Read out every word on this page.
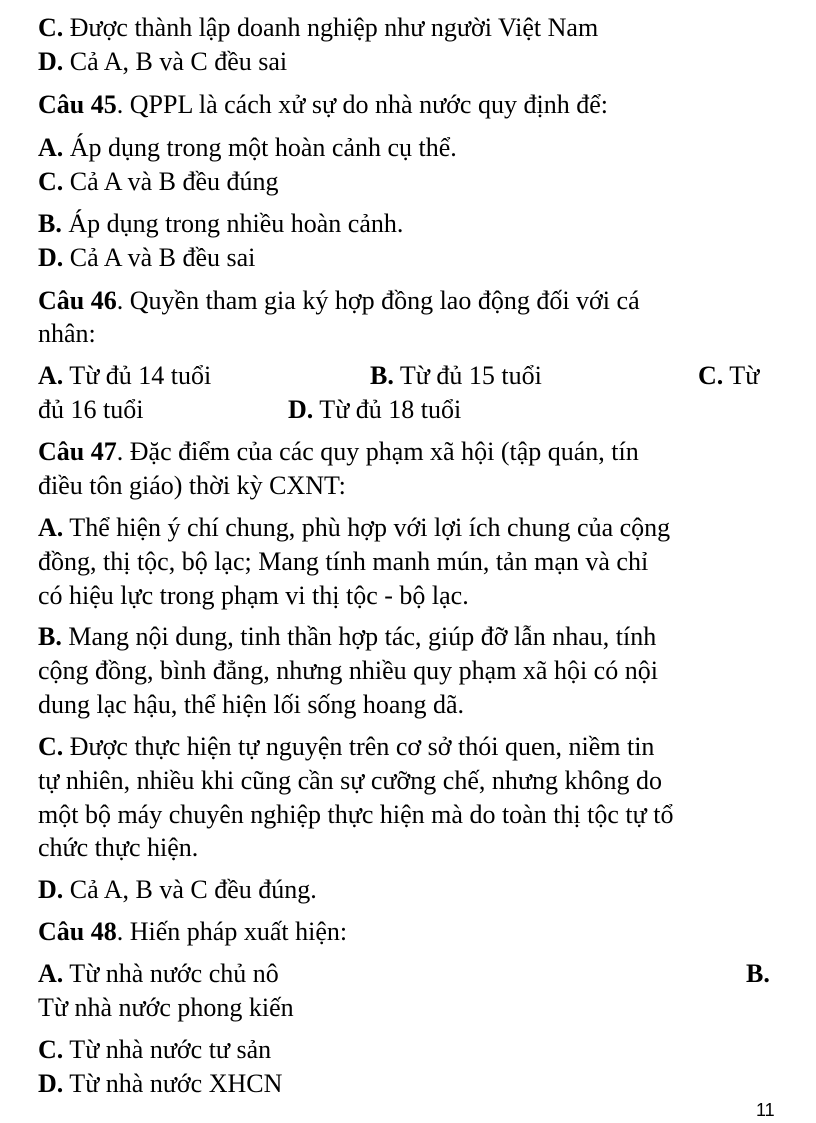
C. Được thành lập doanh nghiệp như người Việt Nam
D. Cả A, B và C đều sai
Câu 45. QPPL là cách xử sự do nhà nước quy định để:
A. Áp dụng trong một hoàn cảnh cụ thể.
C. Cả A và B đều đúng
B. Áp dụng trong nhiều hoàn cảnh.
D. Cả A và B đều sai
Câu 46. Quyền tham gia ký hợp đồng lao động đối với cá
nhân:
A. Từ đủ 14 tuổi	B. Từ đủ 15 tuổi	C. Từ
đủ 16 tuổi	D. Từ đủ 18 tuổi
Câu 47. Đặc điểm của các quy phạm xã hội (tập quán, tín
điều tôn giáo) thời kỳ CXNT:
A. Thể hiện ý chí chung, phù hợp với lợi ích chung của cộng
đồng, thị tộc, bộ lạc; Mang tính manh mún, tản mạn và chỉ
có hiệu lực trong phạm vi thị tộc - bộ lạc.
B. Mang nội dung, tinh thần hợp tác, giúp đỡ lẫn nhau, tính
cộng đồng, bình đẳng, nhưng nhiều quy phạm xã hội có nội
dung lạc hậu, thể hiện lối sống hoang dã.
C. Được thực hiện tự nguyện trên cơ sở thói quen, niềm tin
tự nhiên, nhiều khi cũng cần sự cưỡng chế, nhưng không do
một bộ máy chuyên nghiệp thực hiện mà do toàn thị tộc tự tổ
chức thực hiện.
D. Cả A, B và C đều đúng.
Câu 48. Hiến pháp xuất hiện:
A. Từ nhà nước chủ nô	B.
Từ nhà nước phong kiến
C. Từ nhà nước tư sản
D. Từ nhà nước XHCN
11
